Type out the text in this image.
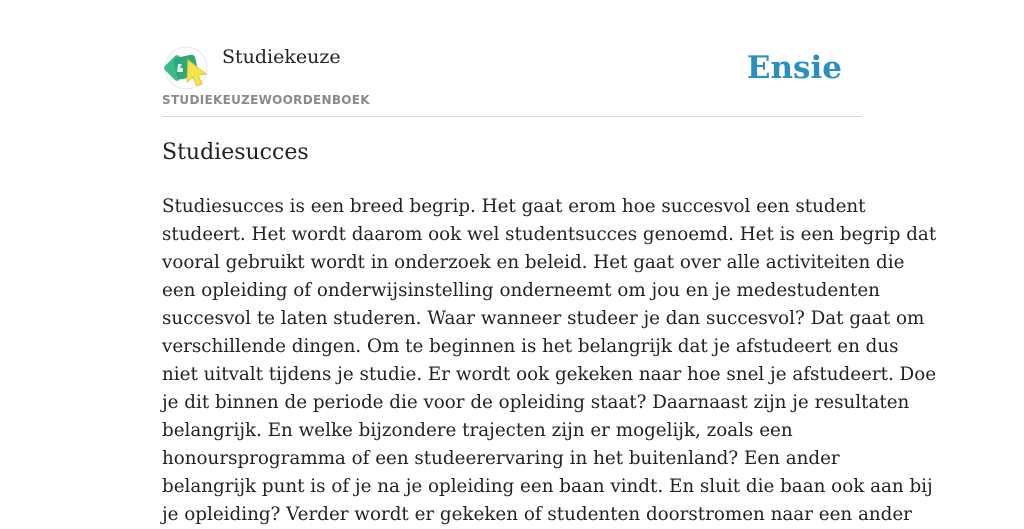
Studiekeuze
STUDIEKEUZEWOORDENBOEK
Ensie
Studiesucces

Studiesucces is een breed begrip. Het gaat erom hoe succesvol een student
studeert. Het wordt daarom ook wel studentsucces genoemd. Het is een begrip dat
vooral gebruikt wordt in onderzoek en beleid. Het gaat over alle activiteiten die
een opleiding of onderwijsinstelling onderneemt om jou en je medestudenten
succesvol te laten studeren. Waar wanneer studeer je dan succesvol? Dat gaat om
verschillende dingen. Om te beginnen is het belangrijk dat je afstudeert en dus
niet uitvalt tijdens je studie. Er wordt ook gekeken naar hoe snel je afstudeert. Doe
je dit binnen de periode die voor de opleiding staat? Daarnaast zijn je resultaten
belangrijk. En welke bijzondere trajecten zijn er mogelijk, zoals een
honoursprogramma of een studeerervaring in het buitenland? Een ander
belangrijk punt is of je na je opleiding een baan vindt. En sluit die baan ook aan bij
je opleiding? Verder wordt er gekeken of studenten doorstromen naar een ander
